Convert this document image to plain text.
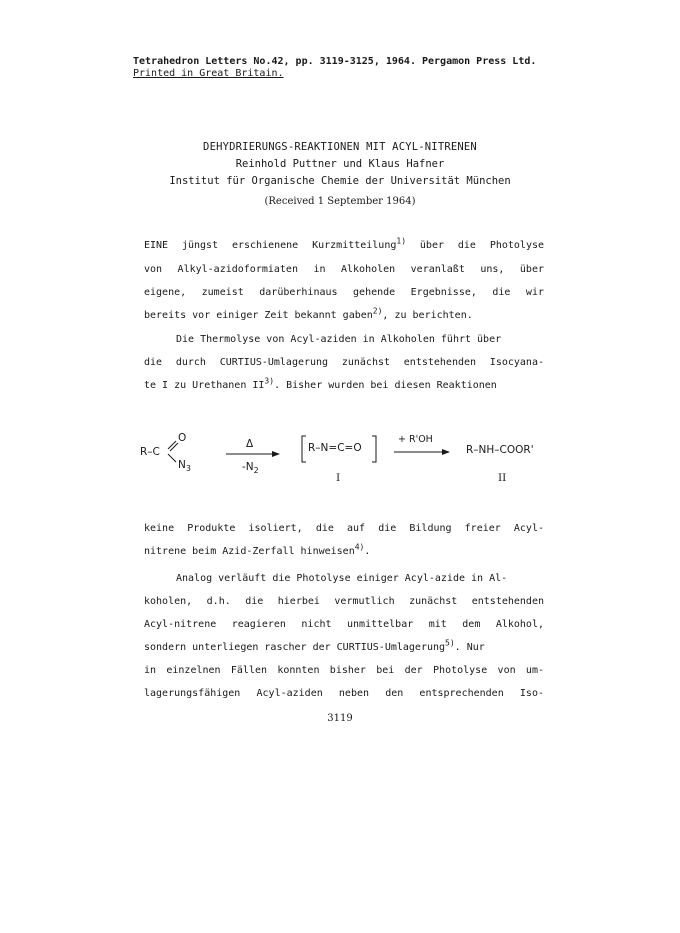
Tetrahedron Letters No.42, pp. 3119-3125, 1964. Pergamon Press Ltd.
Printed in Great Britain.
DEHYDRIERUNGS-REAKTIONEN MIT ACYL-NITRENEN
Reinhold Puttner und Klaus Hafner
Institut für Organische Chemie der Universität München
(Received 1 September 1964)
EINE jüngst erschienene Kurzmitteilung$^{1)}$ über die Photolyse
von Alkyl-azidoformiaten in Alkoholen veranlaßt uns, über
eigene, zumeist darüberhinaus gehende Ergebnisse, die wir
bereits vor einiger Zeit bekannt gaben$^{2)}$, zu berichten.
Die Thermolyse von Acyl-aziden in Alkoholen führt über
die durch CURTIUS-Umlagerung zunächst entstehenden Isocyana-
te I zu Urethanen II$^{3)}$. Bisher wurden bei diesen Reaktionen
R–C
O
$N_3$
Δ
$-N_2$
R–N=C=O
I
+ R'OH
→ R–NH–COOR'
II
keine Produkte isoliert, die auf die Bildung freier Acyl-
nitrene beim Azid-Zerfall hinweisen$^{4)}$.
Analog verläuft die Photolyse einiger Acyl-azide in Al-
koholen, d.h. die hierbei vermutlich zunächst entstehenden
Acyl-nitrene reagieren nicht unmittelbar mit dem Alkohol,
sondern unterliegen rascher der CURTIUS-Umlagerung$^{5)}$. Nur
in einzelnen Fällen konnten bisher bei der Photolyse von um-
lagerungsfähigen Acyl-aziden neben den entsprechenden Iso-
3119
